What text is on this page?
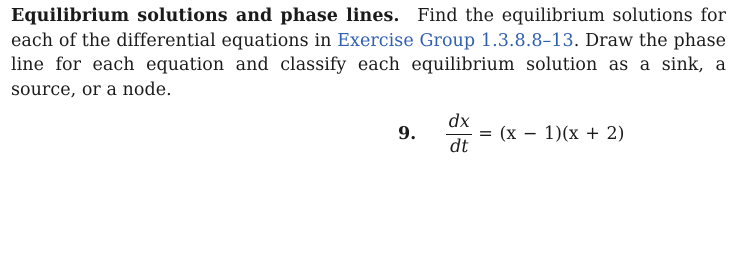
Equilibrium solutions and phase lines. Find the equilibrium solutions for each of the differential equations in Exercise Group 1.3.8.8–13. Draw the phase line for each equation and classify each equilibrium solution as a sink, a source, or a node.
9. $\frac{dx}{dt} = (x - 1)(x + 2)$
